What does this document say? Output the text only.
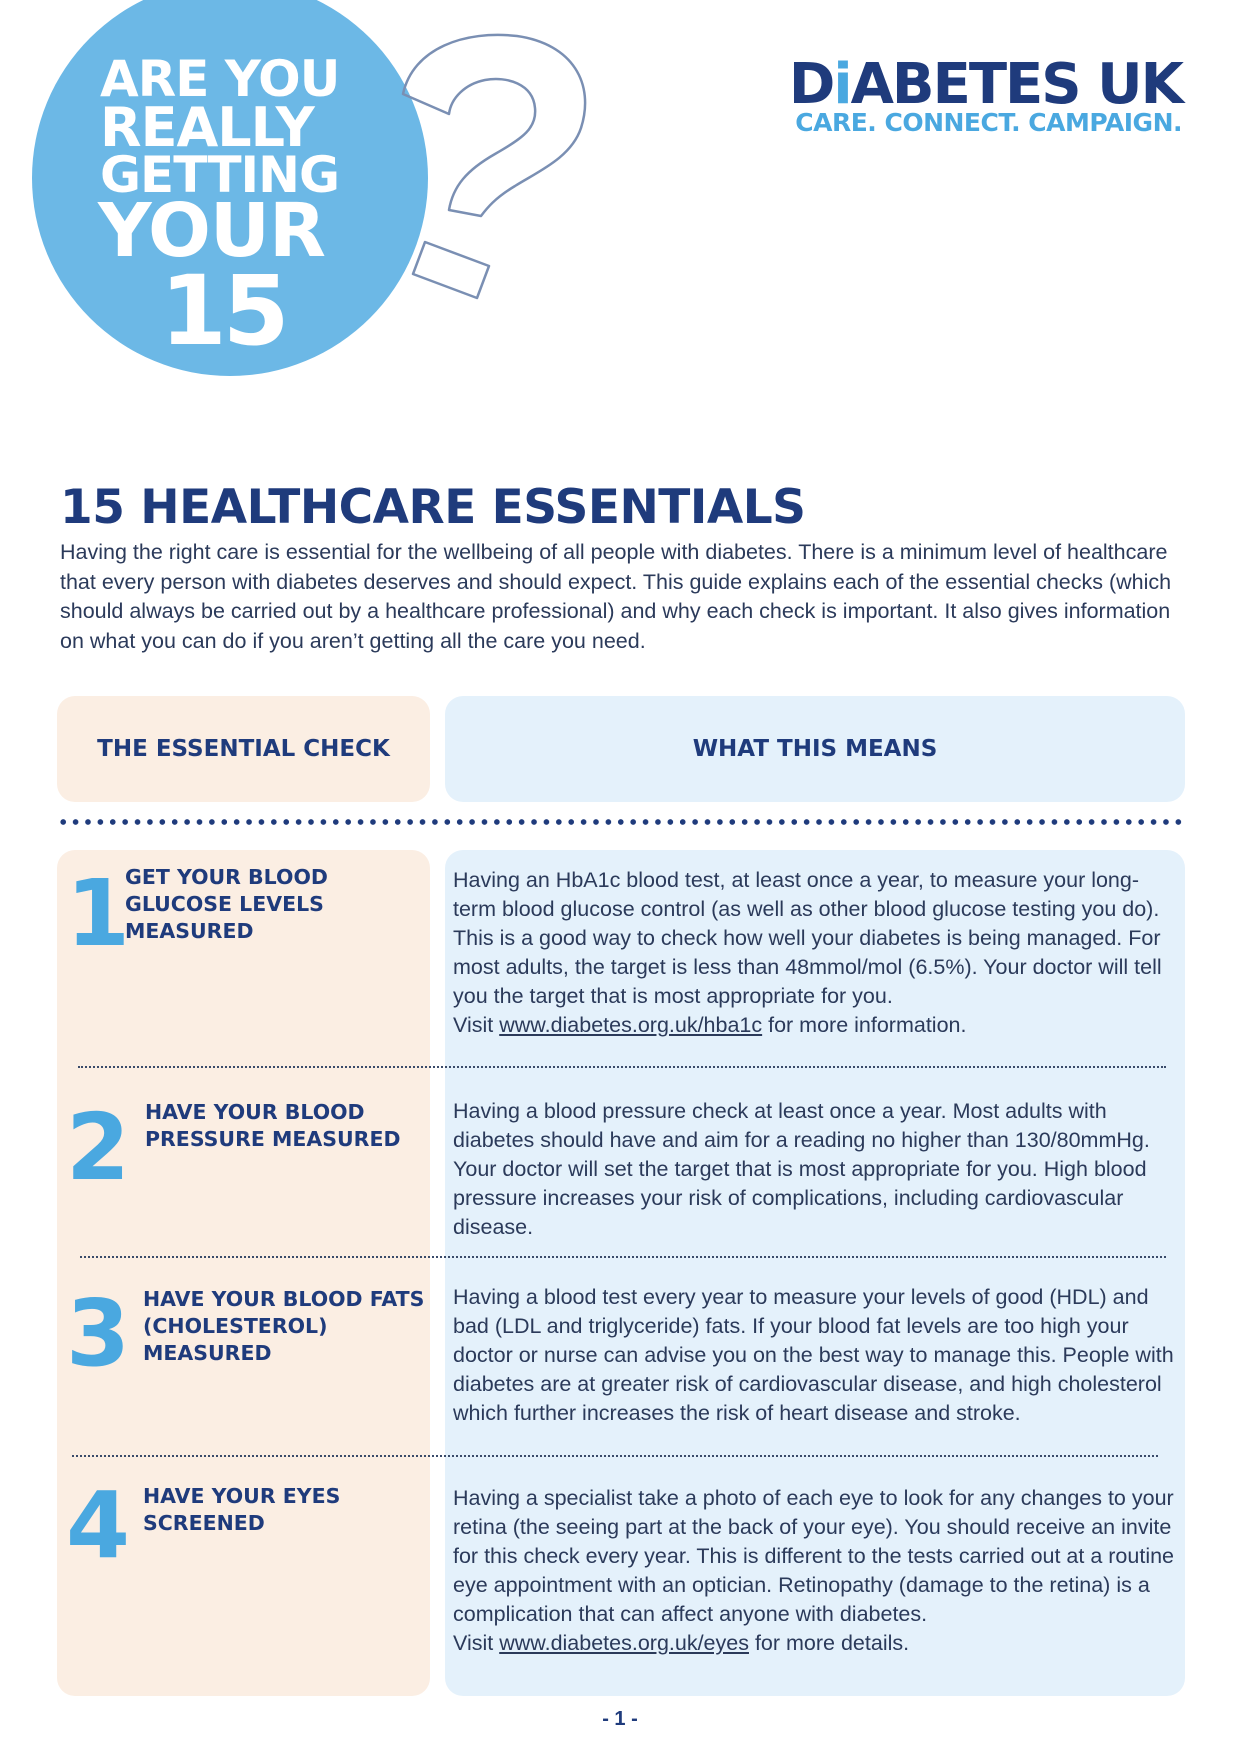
ARE YOU
REALLY
GETTING
YOUR
15
DiABETES UK
CARE. CONNECT. CAMPAIGN.
15 HEALTHCARE ESSENTIALS
Having the right care is essential for the wellbeing of all people with diabetes. There is a minimum level of healthcare that every person with diabetes deserves and should expect. This guide explains each of the essential checks (which should always be carried out by a healthcare professional) and why each check is important. It also gives information on what you can do if you aren’t getting all the care you need.
THE ESSENTIAL CHECK	WHAT THIS MEANS
1
GET YOUR BLOOD
GLUCOSE LEVELS
MEASURED
Having an HbA1c blood test, at least once a year, to measure your long-term blood glucose control (as well as other blood glucose testing you do). This is a good way to check how well your diabetes is being managed. For most adults, the target is less than 48mmol/mol (6.5%). Your doctor will tell you the target that is most appropriate for you.
Visit www.diabetes.org.uk/hba1c for more information.
2 HAVE YOUR BLOOD
PRESSURE MEASURED
Having a blood pressure check at least once a year. Most adults with diabetes should have and aim for a reading no higher than 130/80mmHg. Your doctor will set the target that is most appropriate for you. High blood pressure increases your risk of complications, including cardiovascular disease.
3 HAVE YOUR BLOOD FATS
(CHOLESTEROL)
MEASURED
Having a blood test every year to measure your levels of good (HDL) and bad (LDL and triglyceride) fats. If your blood fat levels are too high your doctor or nurse can advise you on the best way to manage this. People with diabetes are at greater risk of cardiovascular disease, and high cholesterol which further increases the risk of heart disease and stroke.
4 HAVE YOUR EYES
SCREENED
Having a specialist take a photo of each eye to look for any changes to your retina (the seeing part at the back of your eye). You should receive an invite for this check every year. This is different to the tests carried out at a routine eye appointment with an optician. Retinopathy (damage to the retina) is a complication that can affect anyone with diabetes.
Visit www.diabetes.org.uk/eyes for more details.
- 1 -
